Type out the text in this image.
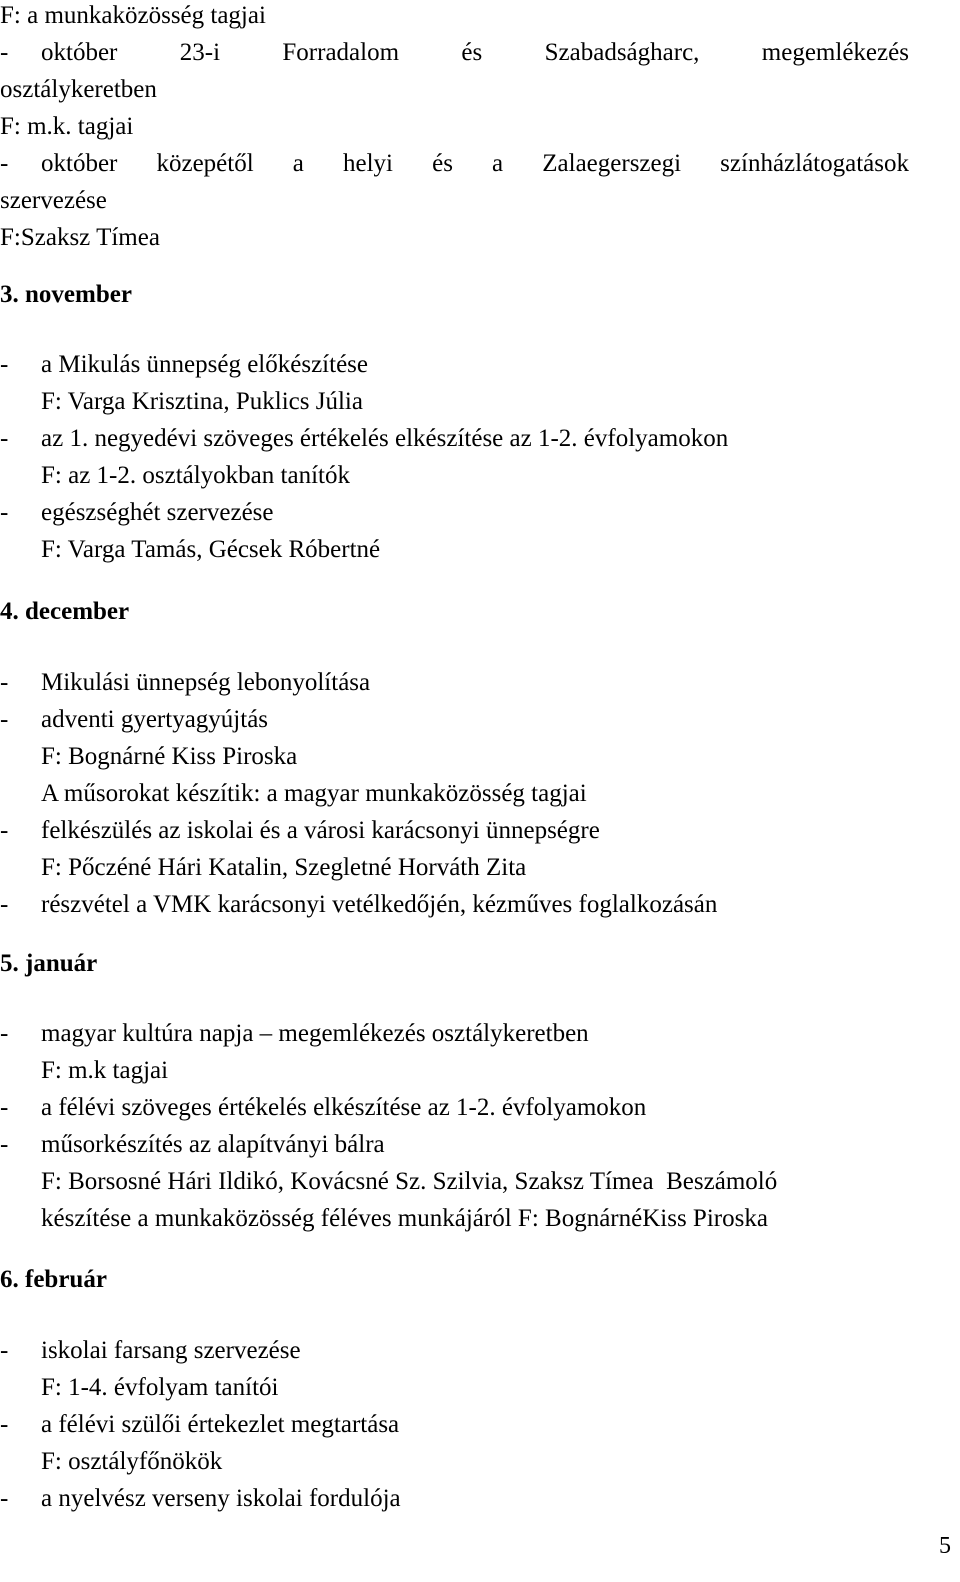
F: a munkaközösség tagjai
-	október 23-i Forradalom és Szabadságharc, megemlékezés
osztálykeretben
F: m.k. tagjai
-	október közepétől a helyi és a Zalaegerszegi színházlátogatások
szervezése
F:Szaksz Tímea
3. november
-	a Mikulás ünnepség előkészítése
F: Varga Krisztina, Puklics Júlia
-	az 1. negyedévi szöveges értékelés elkészítése az 1-2. évfolyamokon
F: az 1-2. osztályokban tanítók
-	egészséghét szervezése
F: Varga Tamás, Gécsek Róbertné
4. december
-	Mikulási ünnepség lebonyolítása
-	adventi gyertyagyújtás
F: Bognárné Kiss Piroska
A műsorokat készítik: a magyar munkaközösség tagjai
-	felkészülés az iskolai és a városi karácsonyi ünnepségre
F: Pőczéné Hári Katalin, Szegletné Horváth Zita
-	részvétel a VMK karácsonyi vetélkedőjén, kézműves foglalkozásán
5. január
-	magyar kultúra napja – megemlékezés osztálykeretben
F: m.k tagjai
-	a félévi szöveges értékelés elkészítése az 1-2. évfolyamokon
-	műsorkészítés az alapítványi bálra
F: Borsosné Hári Ildikó, Kovácsné Sz. Szilvia, Szaksz Tímea  Beszámoló
készítése a munkaközösség féléves munkájáról F: BognárnéKiss Piroska
6. február
-	iskolai farsang szervezése
F: 1-4. évfolyam tanítói
-	a félévi szülői értekezlet megtartása
F: osztályfőnökök
-	a nyelvész verseny iskolai fordulója
5
